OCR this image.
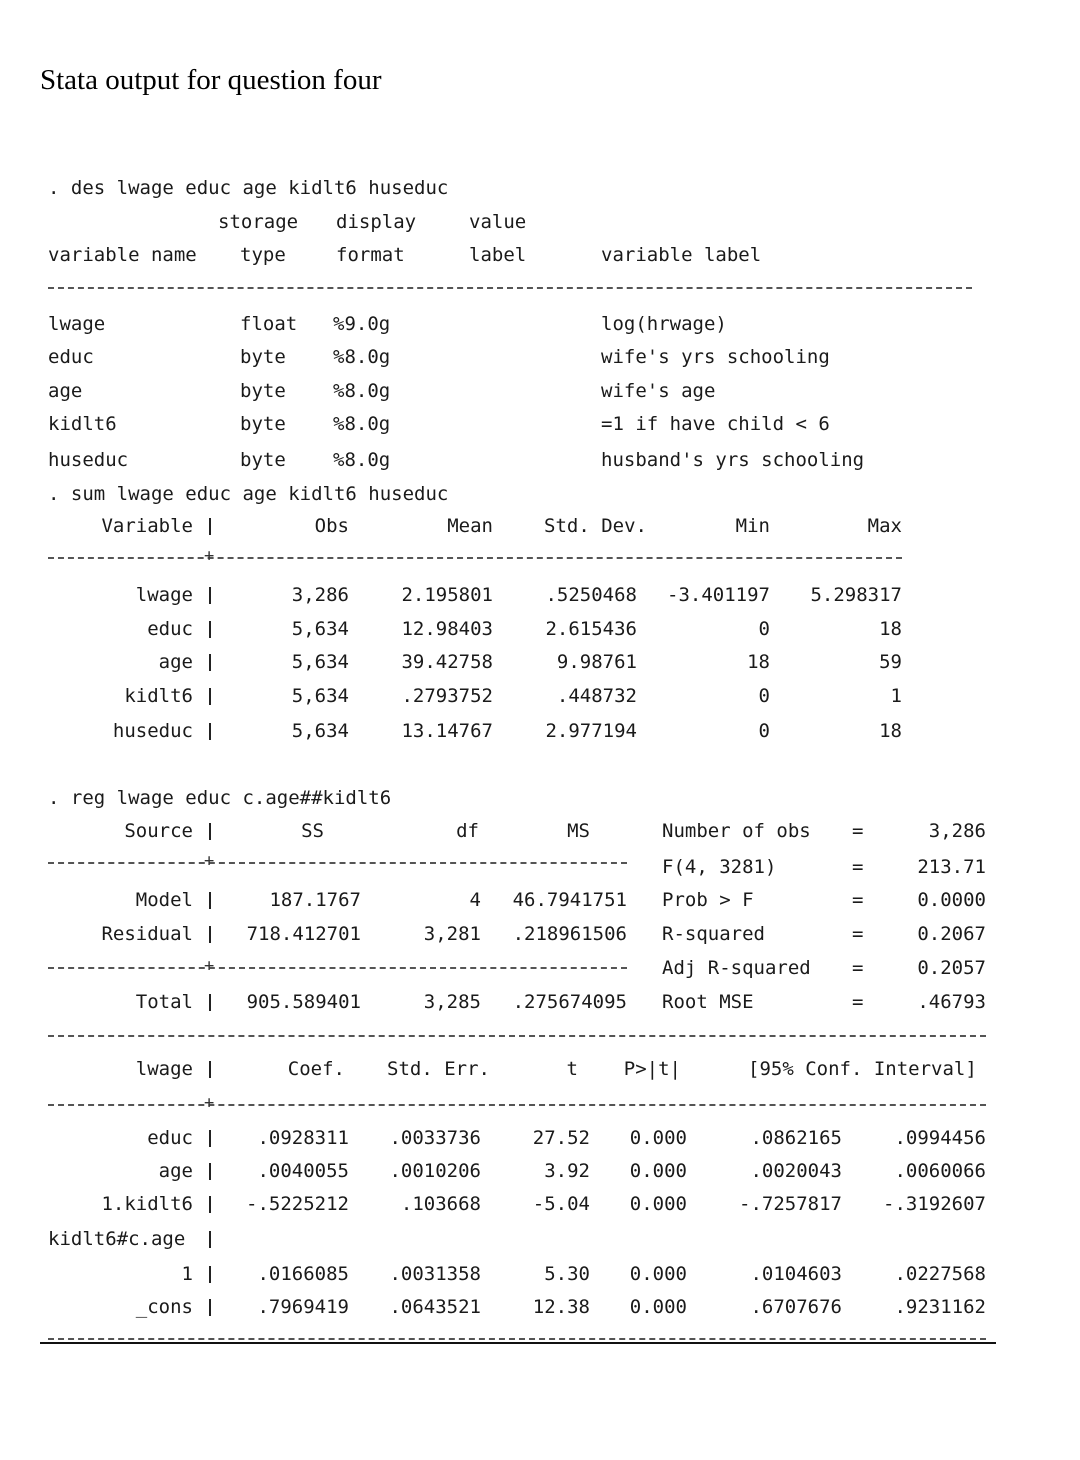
Stata output for question four
. des lwage educ age kidlt6 huseduc
storage display	value
variable name type	format	label	variable label
lwage	float %9.0g	log(hrwage)
educ	byte %8.0g	wife's yrs schooling
age	byte %8.0g	wife's age
kidlt6	byte %8.0g	=1 if have child < 6
huseduc	byte %8.0g	husband's yrs schooling
. sum lwage educ age kidlt6 huseduc
Variable	Obs	Mean	Std. Dev.	Min	Max
+
lwage	3,286	2.195801	.5250468	-3.401197	5.298317
educ	5,634	12.98403	2.615436	0	18
age	5,634	39.42758	9.98761	18	59
kidlt6	5,634	.2793752	.448732	0	1
huseduc	5,634	13.14767	2.977194	0	18
. reg lwage educ c.age##kidlt6
Source	SS	df	MS
+
Model	187.1767	4	46.7941751
Residual	718.412701	3,281	.218961506
+
Total	905.589401	3,285	.275674095
Number of obs =	3,286
F(4, 3281)	=	213.71
Prob > F	=	0.0000
R-squared	=	0.2067
Adj R-squared =	0.2057
Root MSE	=	.46793
lwage	Coef.	Std. Err.	t	P>|t|	[95% Conf. Interval]
+
educ	.0928311	.0033736	27.52	0.000	.0862165	.0994456
age	.0040055	.0010206	3.92	0.000	.0020043	.0060066
1.kidlt6	-.5225212	.103668	-5.04	0.000	-.7257817	-.3192607
kidlt6#c.age
1	.0166085	.0031358	5.30	0.000	.0104603	.0227568
_cons	.7969419	.0643521	12.38	0.000	.6707676	.9231162
